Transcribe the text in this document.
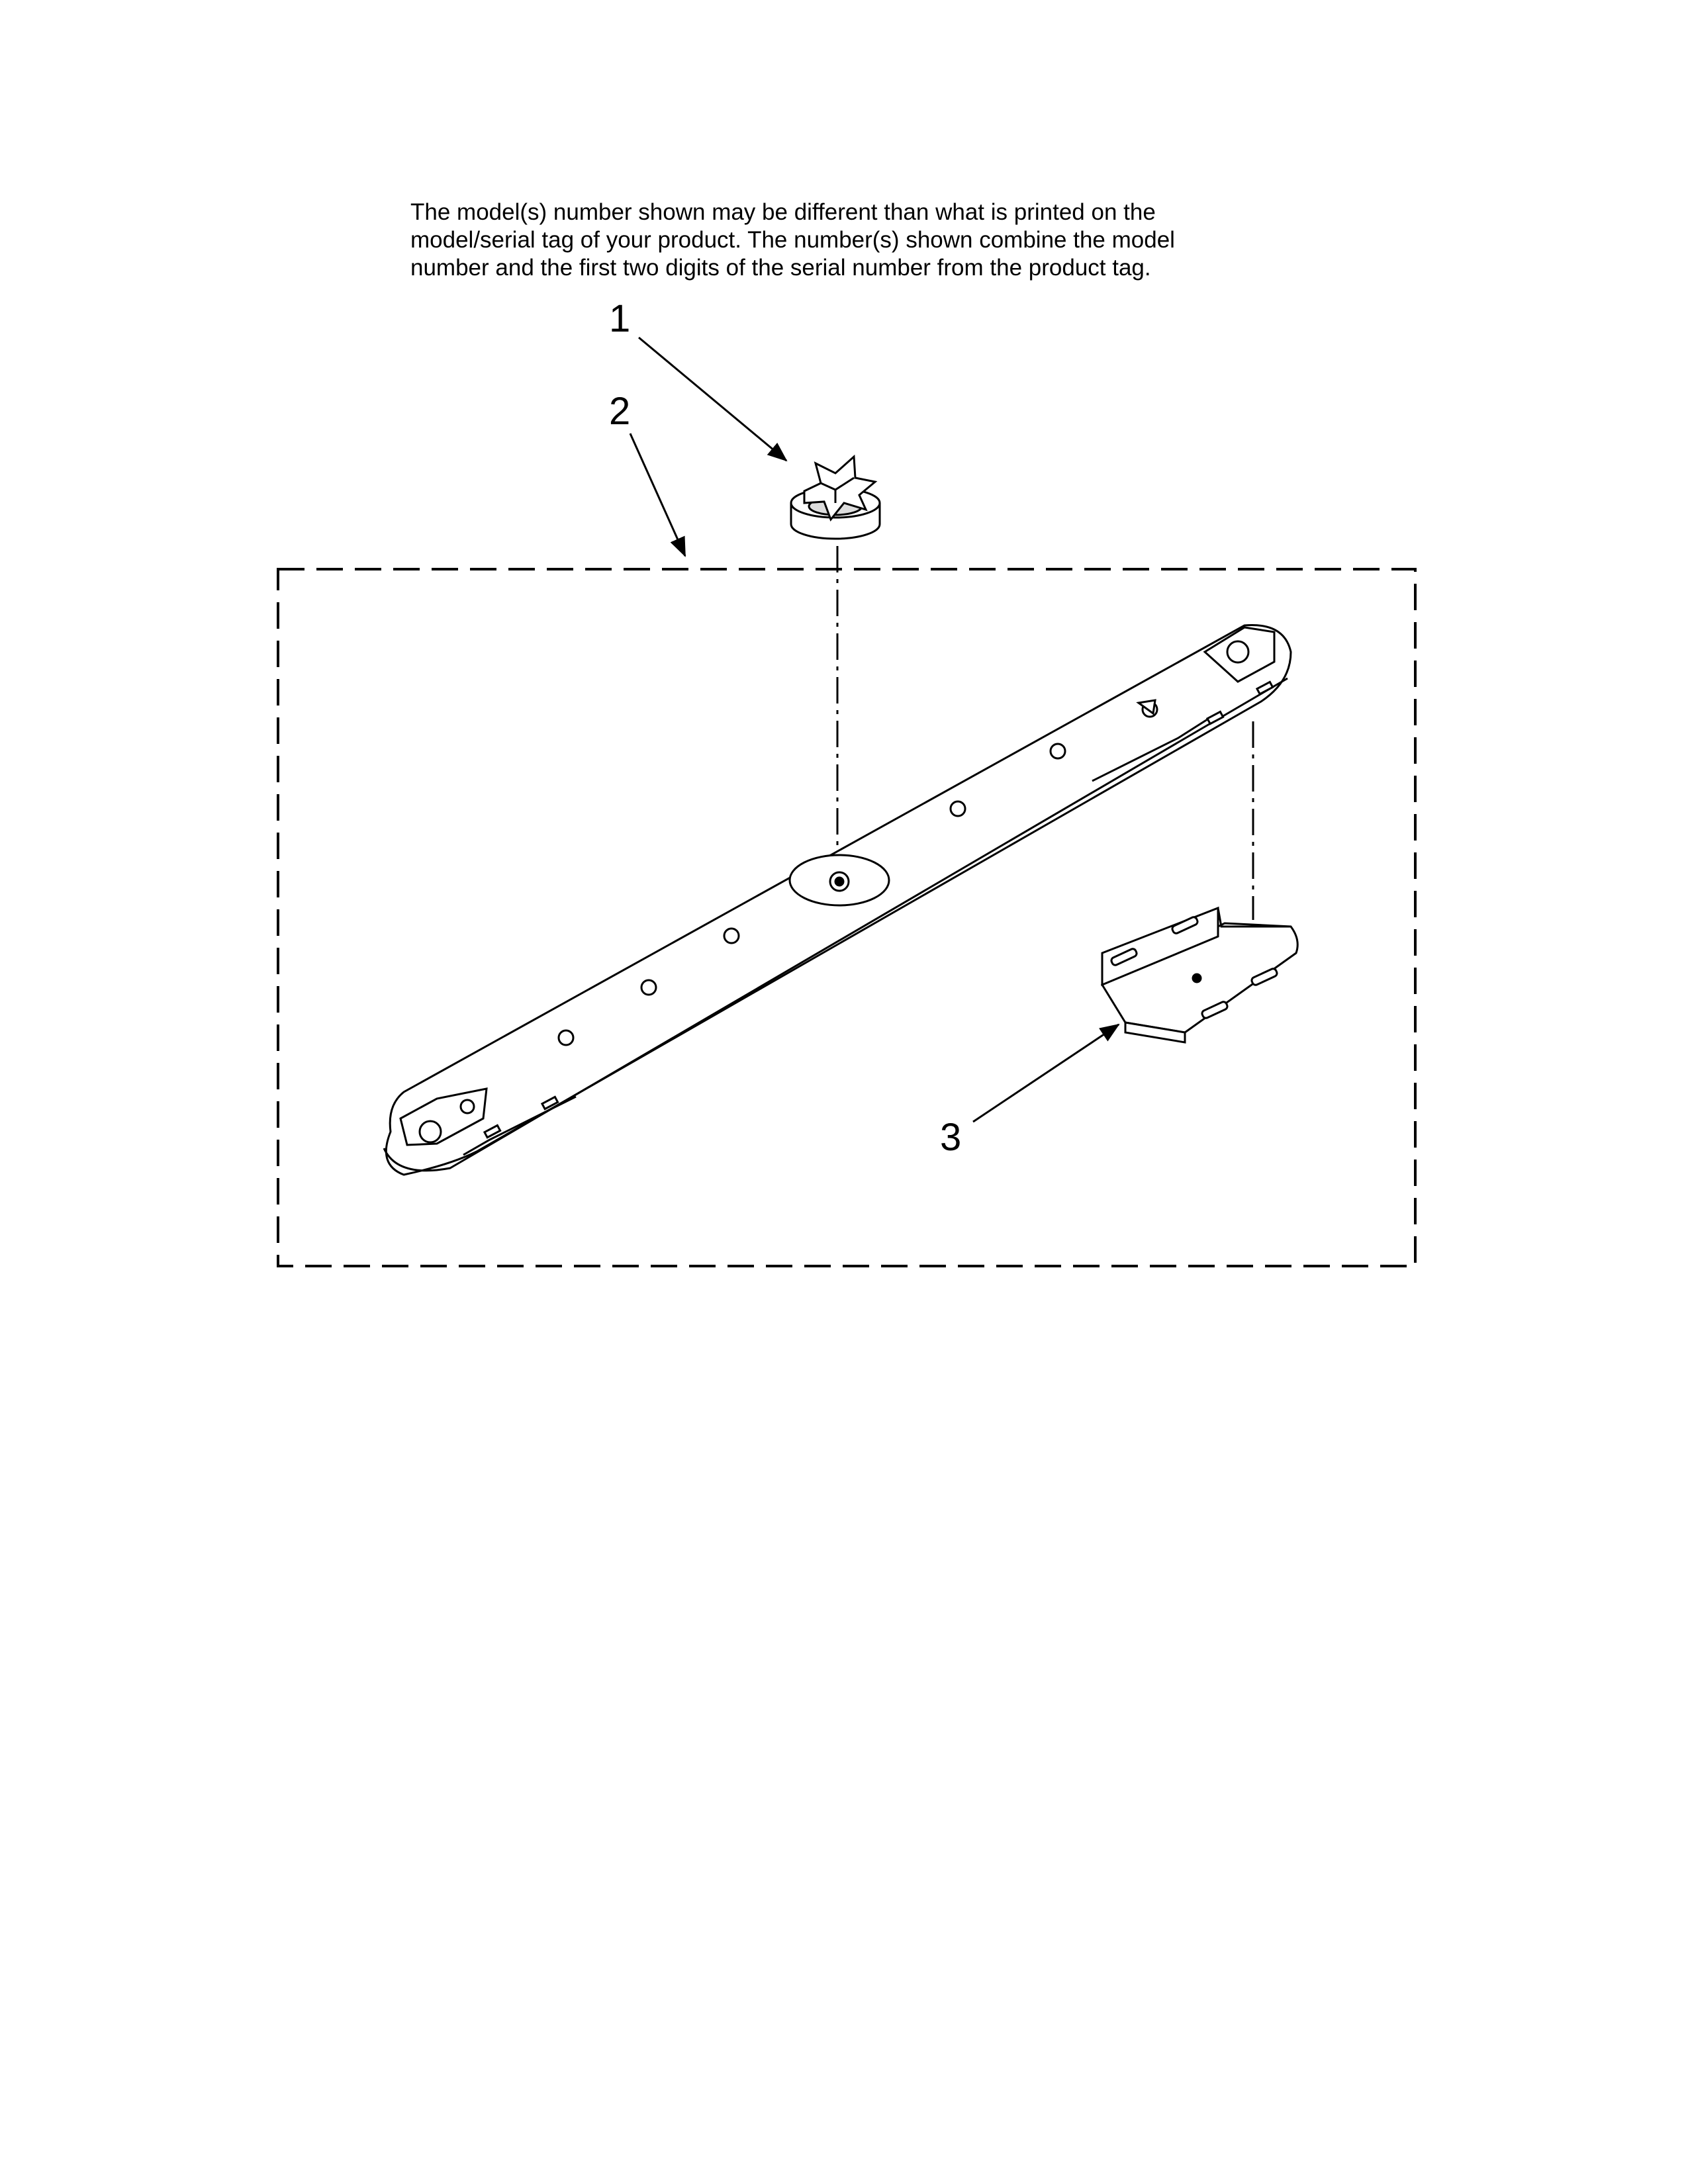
The model(s) number shown may be different than what is printed on the
model/serial tag of your product. The number(s) shown combine the model
number and the first two digits of the serial number from the product tag.
1
2
3
